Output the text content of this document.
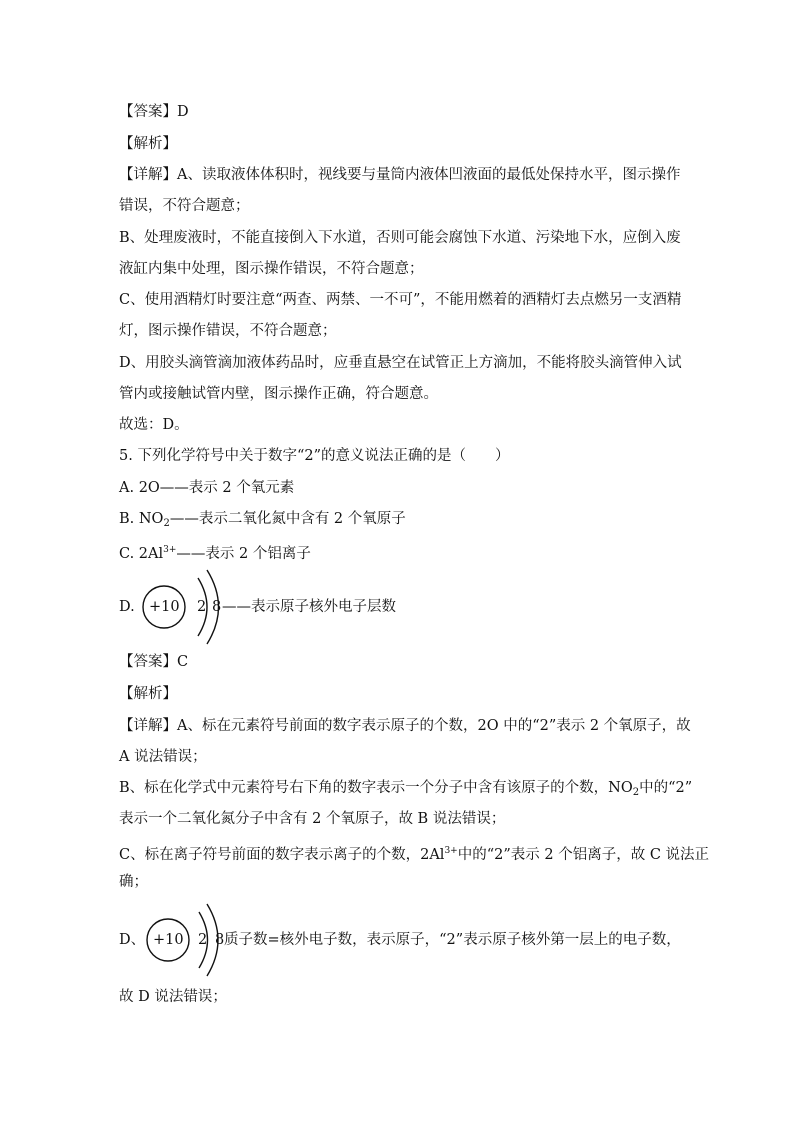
【答案】D
【解析】
【详解】A、读取液体体积时，视线要与量筒内液体凹液面的最低处保持水平，图示操作
错误，不符合题意；
B、处理废液时，不能直接倒入下水道，否则可能会腐蚀下水道、污染地下水，应倒入废
液缸内集中处理，图示操作错误，不符合题意；
C、使用酒精灯时要注意“两查、两禁、一不可”，不能用燃着的酒精灯去点燃另一支酒精
灯，图示操作错误，不符合题意；
D、用胶头滴管滴加液体药品时，应垂直悬空在试管正上方滴加，不能将胶头滴管伸入试
管内或接触试管内壁，图示操作正确，符合题意。
故选：D。
5. 下列化学符号中关于数字“2”的意义说法正确的是（　　）
A. 2O——表示 2 个氧元素
B. $NO_2——$表示二氧化氮中含有 2 个氧原子
C. $2Al^{3+}——$表示 2 个铝离子
D. +10 2 8 ——表示原子核外电子层数
【答案】C
【解析】
【详解】A、标在元素符号前面的数字表示原子的个数，2O 中的“2”表示 2 个氧原子，故
A 说法错误；
B、标在化学式中元素符号右下角的数字表示一个分子中含有该原子的个数，$NO_2$中的“2”
表示一个二氧化氮分子中含有 2 个氧原子，故 B 说法错误；
C、标在离子符号前面的数字表示离子的个数，$2Al^{3+}$中的“2”表示 2 个铝离子，故 C 说法正
确；
D、 +10 2 8 质子数=核外电子数，表示原子，“2”表示原子核外第一层上的电子数，
故 D 说法错误；
